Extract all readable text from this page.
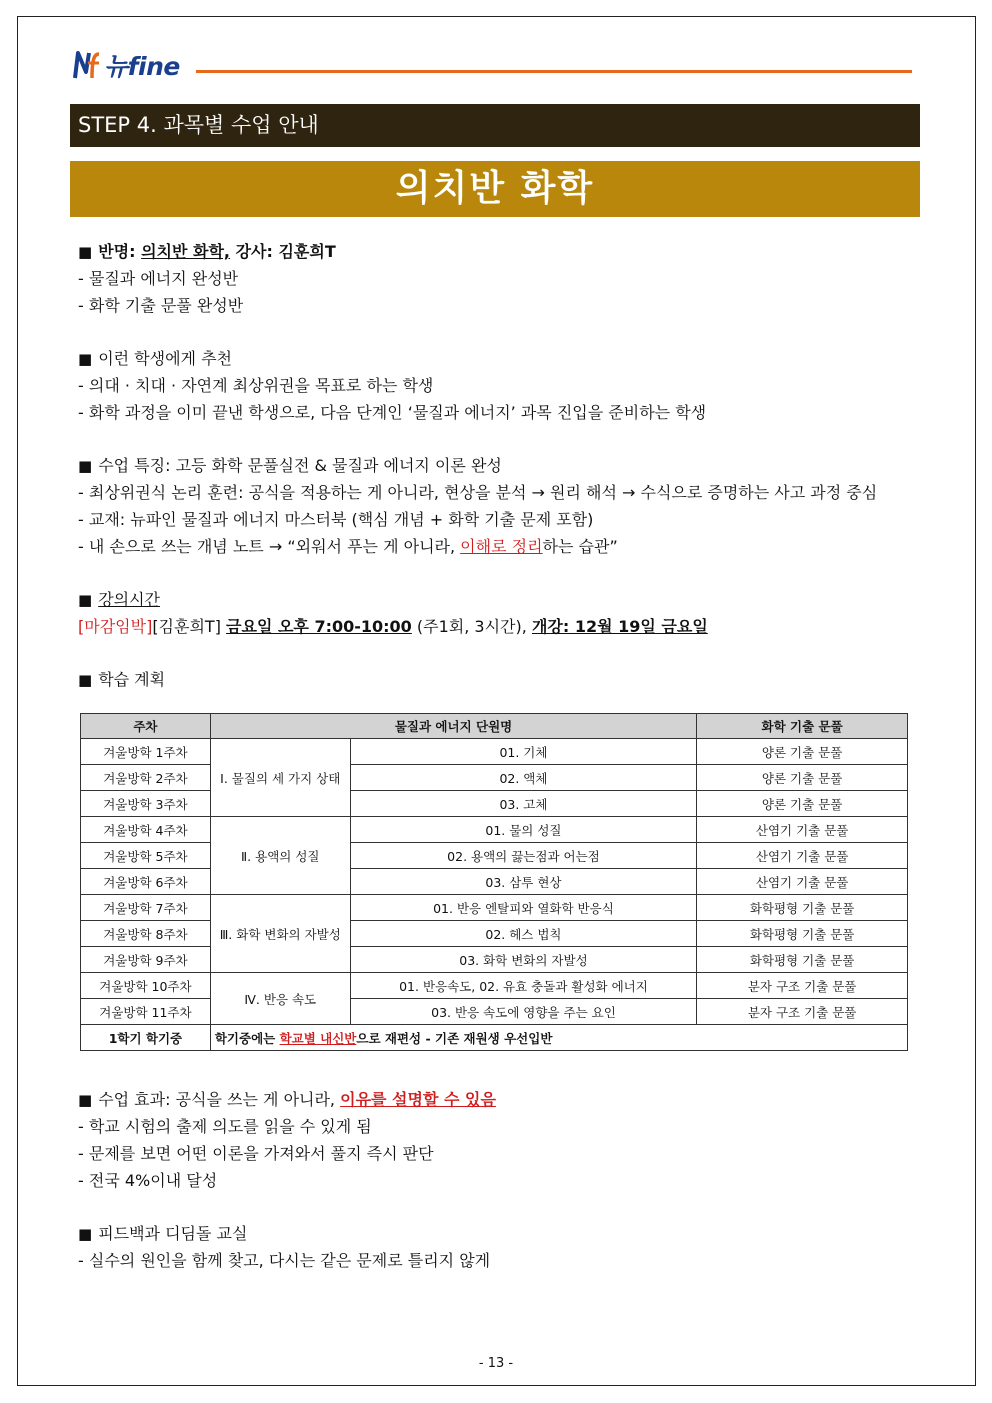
뉴fine
STEP 4. 과목별 수업 안내
의치반 화학
■ 반명: 의치반 화학, 강사: 김훈희T
- 물질과 에너지 완성반
- 화학 기출 문풀 완성반
■ 이런 학생에게 추천
- 의대 · 치대 · 자연계 최상위권을 목표로 하는 학생
- 화학 과정을 이미 끝낸 학생으로, 다음 단계인 ‘물질과 에너지’ 과목 진입을 준비하는 학생
■ 수업 특징: 고등 화학 문풀실전 & 물질과 에너지 이론 완성
- 최상위권식 논리 훈련: 공식을 적용하는 게 아니라, 현상을 분석 → 원리 해석 → 수식으로 증명하는 사고 과정 중심
- 교재: 뉴파인 물질과 에너지 마스터북 (핵심 개념 + 화학 기출 문제 포함)
- 내 손으로 쓰는 개념 노트 → “외워서 푸는 게 아니라, 이해로 정리하는 습관”
■ 강의시간
[마감임박][김훈희T] 금요일 오후 7:00-10:00 (주1회, 3시간), 개강: 12월 19일 금요일
■ 학습 계획
주차	물질과 에너지 단원명		화학 기출 문풀
겨울방학 1주차	Ⅰ. 물질의 세 가지 상태	01. 기체	양론 기출 문풀
겨울방학 2주차		02. 액체	양론 기출 문풀
겨울방학 3주차		03. 고체	양론 기출 문풀
겨울방학 4주차	Ⅱ. 용액의 성질	01. 물의 성질	산염기 기출 문풀
겨울방학 5주차		02. 용액의 끓는점과 어는점	산염기 기출 문풀
겨울방학 6주차		03. 삼투 현상	산염기 기출 문풀
겨울방학 7주차	Ⅲ. 화학 변화의 자발성	01. 반응 엔탈피와 열화학 반응식	화학평형 기출 문풀
겨울방학 8주차		02. 헤스 법칙	화학평형 기출 문풀
겨울방학 9주차		03. 화학 변화의 자발성	화학평형 기출 문풀
겨울방학 10주차	Ⅳ. 반응 속도	01. 반응속도, 02. 유효 충돌과 활성화 에너지	분자 구조 기출 문풀
겨울방학 11주차		03. 반응 속도에 영향을 주는 요인	분자 구조 기출 문풀
1학기 학기중	학기중에는 학교별 내신반으로 재편성 - 기존 재원생 우선입반		
■ 수업 효과: 공식을 쓰는 게 아니라, 이유를 설명할 수 있음
- 학교 시험의 출제 의도를 읽을 수 있게 됨
- 문제를 보면 어떤 이론을 가져와서 풀지 즉시 판단
- 전국 4%이내 달성
■ 피드백과 디딤돌 교실
- 실수의 원인을 함께 찾고, 다시는 같은 문제로 틀리지 않게
- 13 -
